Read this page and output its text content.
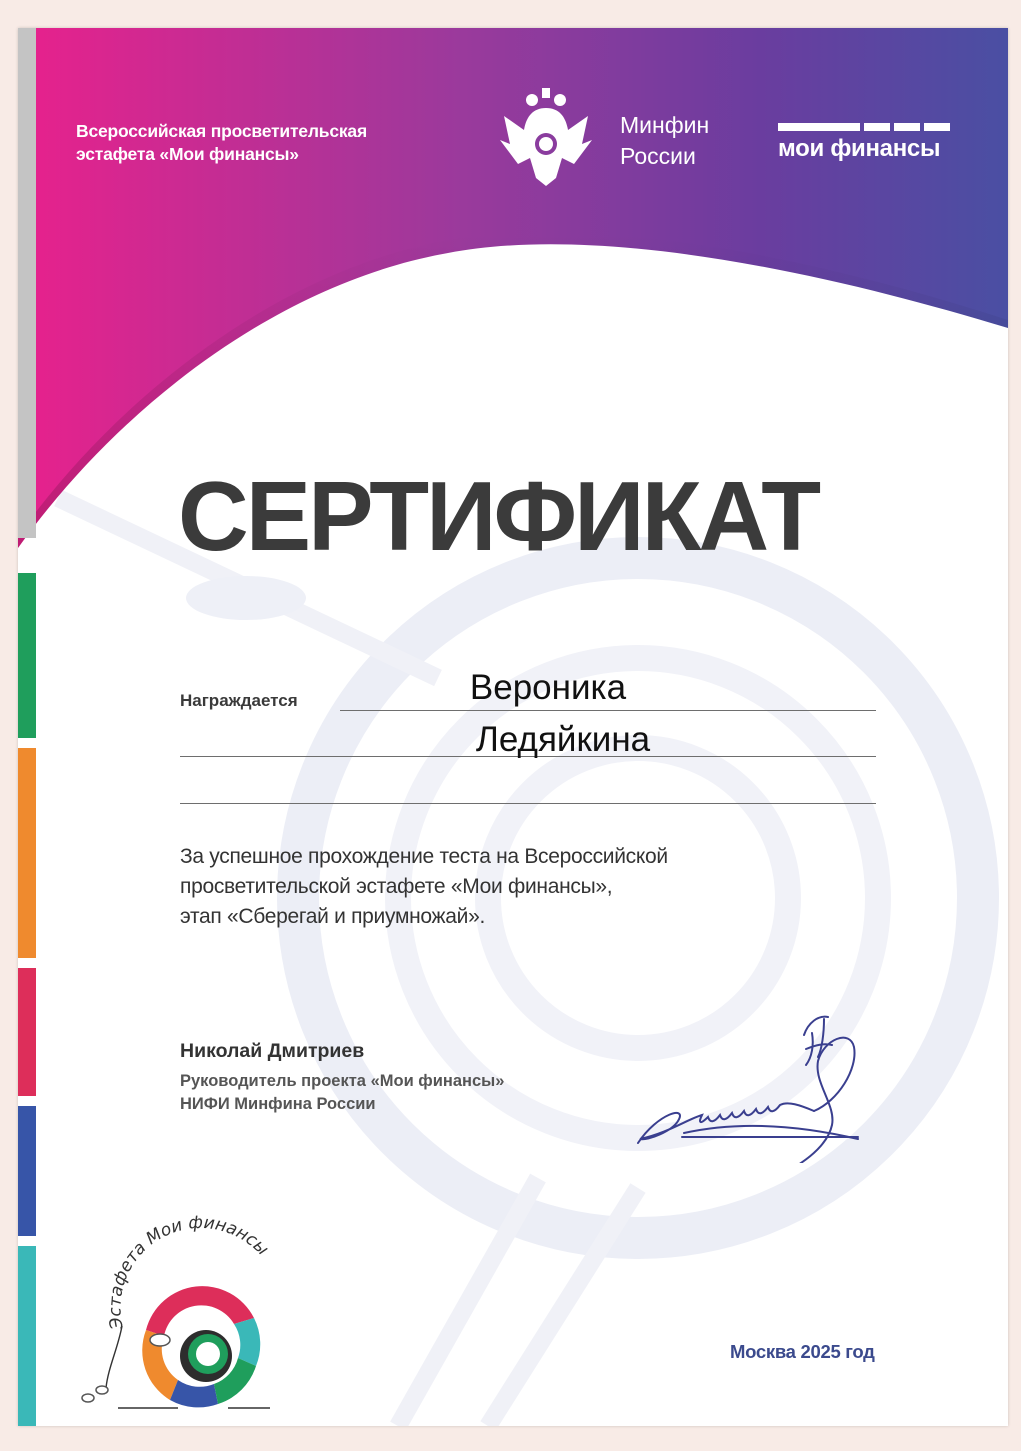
Всероссийская просветительская
эстафета «Мои финансы»
Минфин
России	мои финансы
СЕРТИФИКАТ
Награждается	Вероника
Ледяйкина
За успешное прохождение теста на Всероссийской
просветительской эстафете «Мои финансы»,
этап «Сберегай и приумножай».
Николай Дмитриев
Руководитель проекта «Мои финансы»
НИФИ Минфина России
Эстафета Мои финансы
Москва 2025 год
